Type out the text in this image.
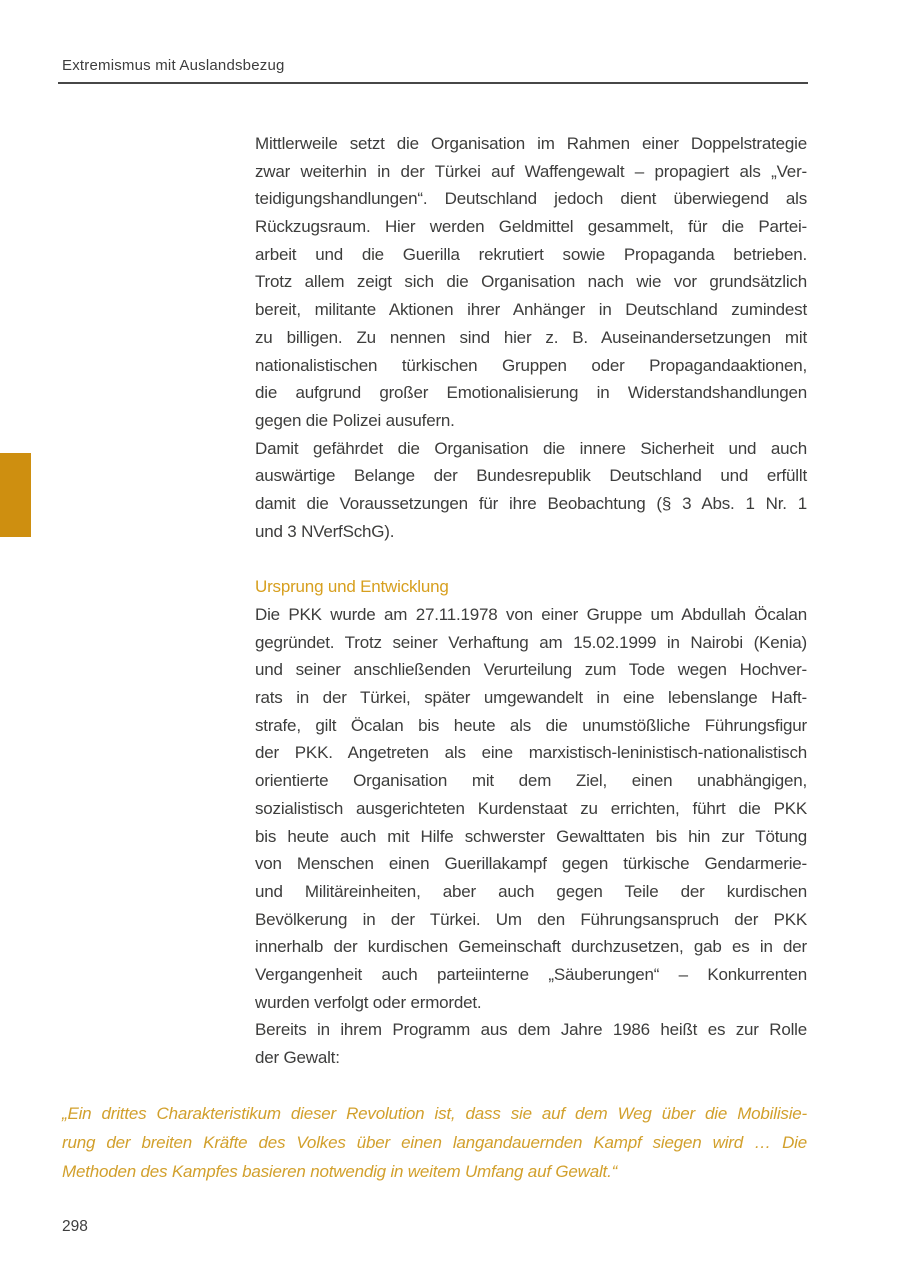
Extremismus mit Auslandsbezug
Mittlerweile setzt die Organisation im Rahmen einer Doppelstrategie
zwar weiterhin in der Türkei auf Waffengewalt – propagiert als „Ver-
teidigungshandlungen“. Deutschland jedoch dient überwiegend als
Rückzugsraum. Hier werden Geldmittel gesammelt, für die Partei-
arbeit und die Guerilla rekrutiert sowie Propaganda betrieben.
Trotz allem zeigt sich die Organisation nach wie vor grundsätzlich
bereit, militante Aktionen ihrer Anhänger in Deutschland zumindest
zu billigen. Zu nennen sind hier z. B. Auseinandersetzungen mit
nationalistischen türkischen Gruppen oder Propagandaaktionen,
die aufgrund großer Emotionalisierung in Widerstandshandlungen
gegen die Polizei ausufern.
Damit gefährdet die Organisation die innere Sicherheit und auch
auswärtige Belange der Bundesrepublik Deutschland und erfüllt
damit die Voraussetzungen für ihre Beobachtung (§ 3 Abs. 1 Nr. 1
und 3 NVerfSchG).
Ursprung und Entwicklung
Die PKK wurde am 27.11.1978 von einer Gruppe um Abdullah Öcalan
gegründet. Trotz seiner Verhaftung am 15.02.1999 in Nairobi (Kenia)
und seiner anschließenden Verurteilung zum Tode wegen Hochver-
rats in der Türkei, später umgewandelt in eine lebenslange Haft-
strafe, gilt Öcalan bis heute als die unumstößliche Führungsfigur
der PKK. Angetreten als eine marxistisch-leninistisch-nationalistisch
orientierte Organisation mit dem Ziel, einen unabhängigen,
sozialistisch ausgerichteten Kurdenstaat zu errichten, führt die PKK
bis heute auch mit Hilfe schwerster Gewalttaten bis hin zur Tötung
von Menschen einen Guerillakampf gegen türkische Gendarmerie-
und Militäreinheiten, aber auch gegen Teile der kurdischen
Bevölkerung in der Türkei. Um den Führungsanspruch der PKK
innerhalb der kurdischen Gemeinschaft durchzusetzen, gab es in der
Vergangenheit auch parteiinterne „Säuberungen“ – Konkurrenten
wurden verfolgt oder ermordet.
Bereits in ihrem Programm aus dem Jahre 1986 heißt es zur Rolle
der Gewalt:
„Ein drittes Charakteristikum dieser Revolution ist, dass sie auf dem Weg über die Mobilisie-
rung der breiten Kräfte des Volkes über einen langandauernden Kampf siegen wird … Die
Methoden des Kampfes basieren notwendig in weitem Umfang auf Gewalt.“
298
